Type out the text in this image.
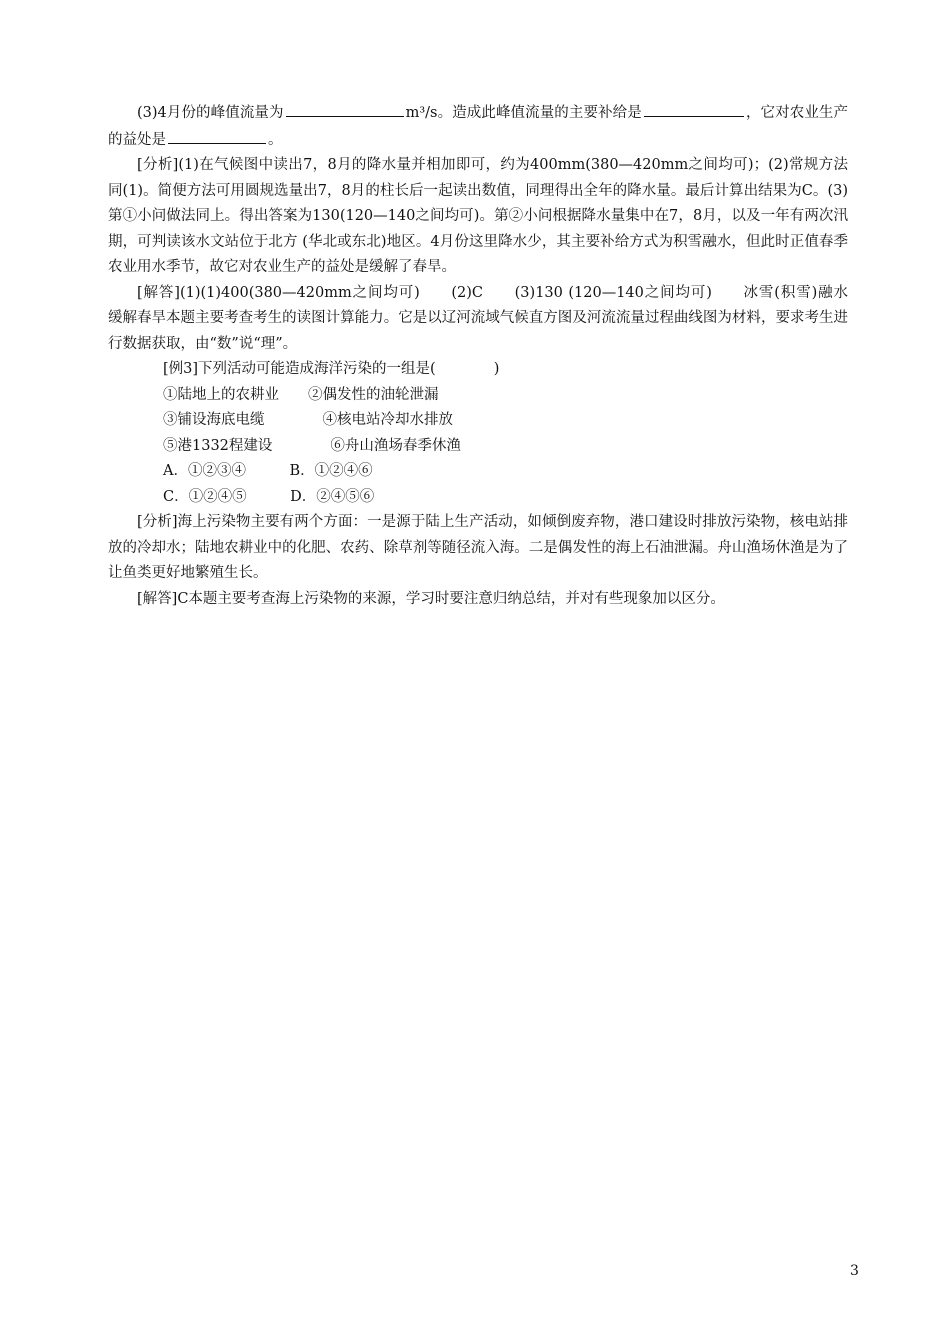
(3)4月份的峰值流量为	m³/s。造成此峰值流量的主要补给是	，它对农业生产的益处是	。

[分析](1)在气候图中读出7，8月的降水量并相加即可，约为400mm(380—420mm之间均可)；(2)常规方法同(1)。简便方法可用圆规选量出7，8月的柱长后一起读出数值，同理得出全年的降水量。最后计算出结果为C。(3)第①小问做法同上。得出答案为130(120—140之间均可)。第②小问根据降水量集中在7，8月，以及一年有两次汛期，可判读该水文站位于北方 (华北或东北)地区。4月份这里降水少，其主要补给方式为积雪融水，但此时正值春季农业用水季节，故它对农业生产的益处是缓解了春旱。

[解答](1)(1)400(380—420mm之间均可)　　(2)C　　(3)130 (120—140之间均可)　　冰雪(积雪)融水　　缓解春旱本题主要考查考生的读图计算能力。它是以辽河流域气候直方图及河流流量过程曲线图为材料，要求考生进行数据获取，由“数”说“理”。

[例3]下列活动可能造成海洋污染的一组是(　　　　)
①陆地上的农耕业　　②偶发性的油轮泄漏
③铺设海底电缆　　　　④核电站冷却水排放
⑤港1332程建设　　　　⑥舟山渔场春季休渔
A．①②③④　　　B．①②④⑥
C．①②④⑤　　　D．②④⑤⑥

[分析]海上污染物主要有两个方面：一是源于陆上生产活动，如倾倒废弃物，港口建设时排放污染物，核电站排放的冷却水；陆地农耕业中的化肥、农药、除草剂等随径流入海。二是偶发性的海上石油泄漏。舟山渔场休渔是为了让鱼类更好地繁殖生长。

[解答]C本题主要考查海上污染物的来源，学习时要注意归纳总结，并对有些现象加以区分。

3
